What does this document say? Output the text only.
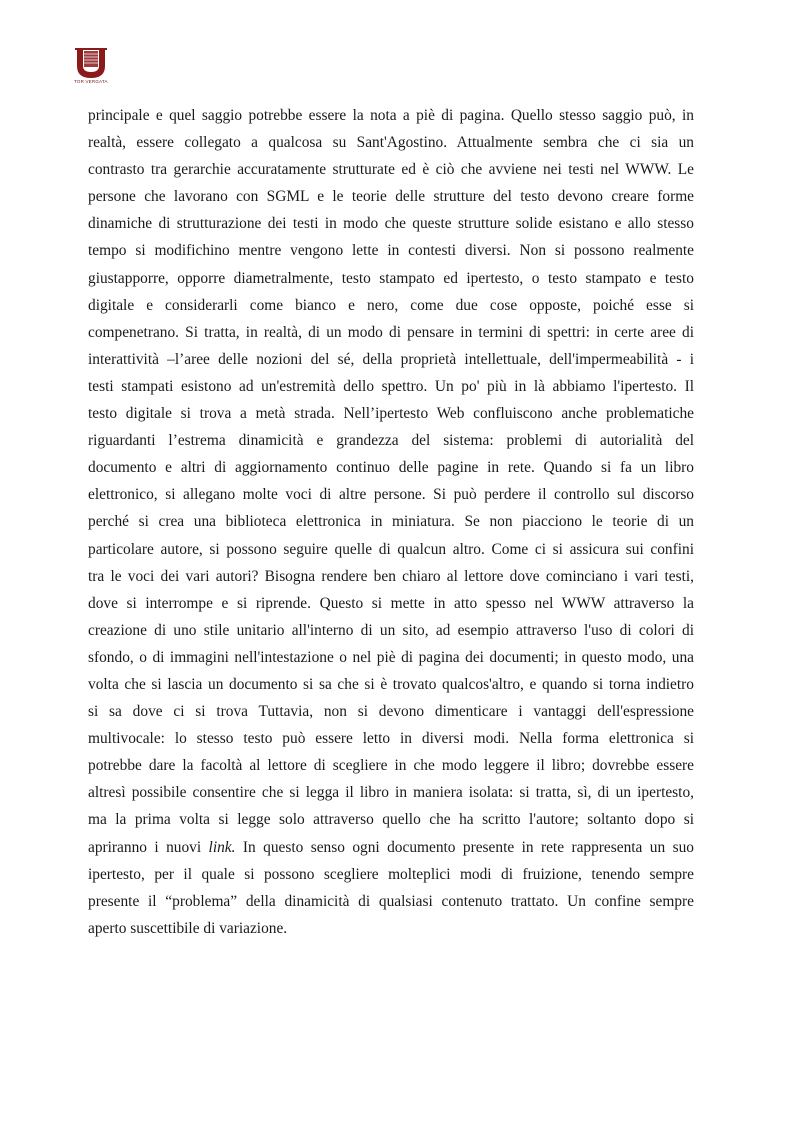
TOR VERGATA
principale e quel saggio potrebbe essere la nota a piè di pagina. Quello stesso saggio può, in
realtà, essere collegato a qualcosa su Sant'Agostino. Attualmente sembra che ci sia un
contrasto tra gerarchie accuratamente strutturate ed è ciò che avviene nei testi nel WWW. Le
persone che lavorano con SGML e le teorie delle strutture del testo devono creare forme
dinamiche di strutturazione dei testi in modo che queste strutture solide esistano e allo stesso
tempo si modifichino mentre vengono lette in contesti diversi. Non si possono realmente
giustapporre, opporre diametralmente, testo stampato ed ipertesto, o testo stampato e testo
digitale e considerarli come bianco e nero, come due cose opposte, poiché esse si
compenetrano. Si tratta, in realtà, di un modo di pensare in termini di spettri: in certe aree di
interattività –l’aree delle nozioni del sé, della proprietà intellettuale, dell'impermeabilità - i
testi stampati esistono ad un'estremità dello spettro. Un po' più in là abbiamo l'ipertesto. Il
testo digitale si trova a metà strada. Nell’ipertesto Web confluiscono anche problematiche
riguardanti l’estrema dinamicità e grandezza del sistema: problemi di autorialità del
documento e altri di aggiornamento continuo delle pagine in rete. Quando si fa un libro
elettronico, si allegano molte voci di altre persone. Si può perdere il controllo sul discorso
perché si crea una biblioteca elettronica in miniatura. Se non piacciono le teorie di un
particolare autore, si possono seguire quelle di qualcun altro. Come ci si assicura sui confini
tra le voci dei vari autori? Bisogna rendere ben chiaro al lettore dove cominciano i vari testi,
dove si interrompe e si riprende. Questo si mette in atto spesso nel WWW attraverso la
creazione di uno stile unitario all'interno di un sito, ad esempio attraverso l'uso di colori di
sfondo, o di immagini nell'intestazione o nel piè di pagina dei documenti; in questo modo, una
volta che si lascia un documento si sa che si è trovato qualcos'altro, e quando si torna indietro
si sa dove ci si trova Tuttavia, non si devono dimenticare i vantaggi dell'espressione
multivocale: lo stesso testo può essere letto in diversi modi. Nella forma elettronica si
potrebbe dare la facoltà al lettore di scegliere in che modo leggere il libro; dovrebbe essere
altresì possibile consentire che si legga il libro in maniera isolata: si tratta, sì, di un ipertesto,
ma la prima volta si legge solo attraverso quello che ha scritto l'autore; soltanto dopo si
apriranno i nuovi link. In questo senso ogni documento presente in rete rappresenta un suo
ipertesto, per il quale si possono scegliere molteplici modi di fruizione, tenendo sempre
presente il “problema” della dinamicità di qualsiasi contenuto trattato. Un confine sempre
aperto suscettibile di variazione.
